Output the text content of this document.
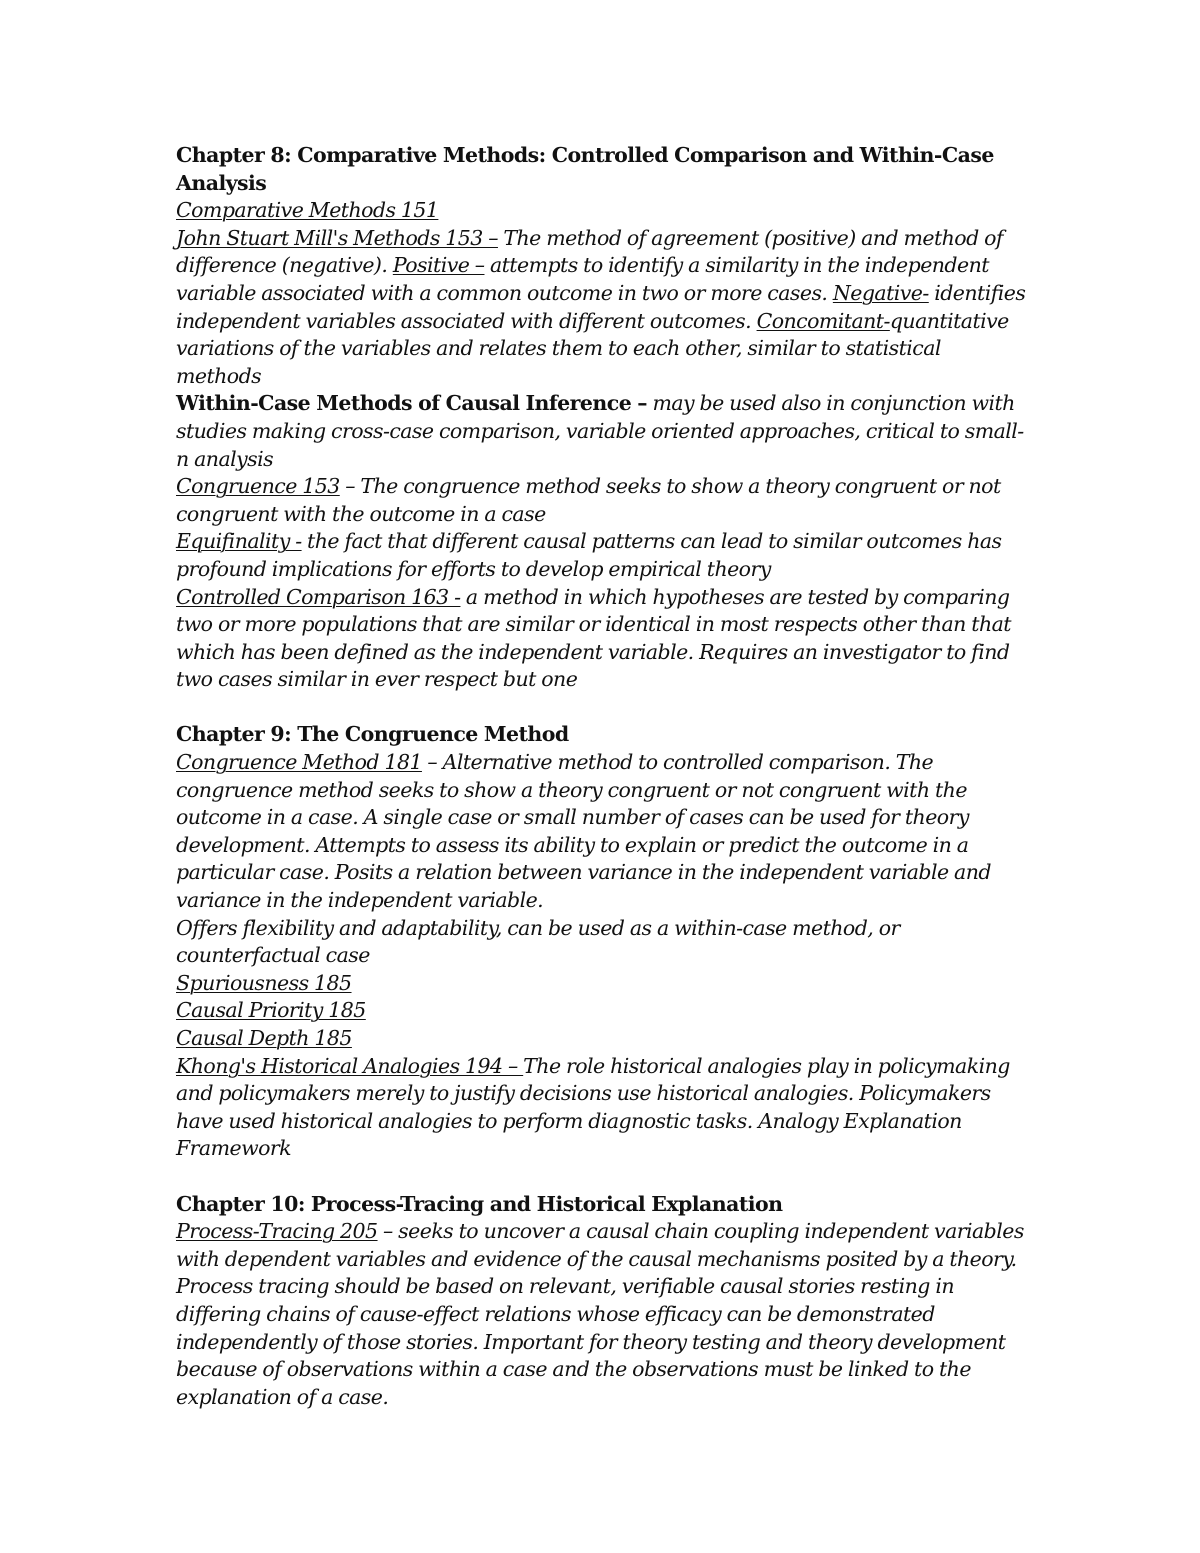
Chapter 8: Comparative Methods: Controlled Comparison and Within-Case Analysis
Comparative Methods 151
John Stuart Mill's Methods 153 – The method of agreement (positive) and method of difference (negative). Positive – attempts to identify a similarity in the independent variable associated with a common outcome in two or more cases. Negative- identifies independent variables associated with different outcomes. Concomitant-quantitative variations of the variables and relates them to each other, similar to statistical methods
Within-Case Methods of Causal Inference – may be used also in conjunction with studies making cross-case comparison, variable oriented approaches, critical to small-n analysis
Congruence 153 – The congruence method seeks to show a theory congruent or not congruent with the outcome in a case
Equifinality - the fact that different causal patterns can lead to similar outcomes has profound implications for efforts to develop empirical theory
Controlled Comparison 163 - a method in which hypotheses are tested by comparing two or more populations that are similar or identical in most respects other than that which has been defined as the independent variable. Requires an investigator to find two cases similar in ever respect but one
Chapter 9: The Congruence Method
Congruence Method 181 – Alternative method to controlled comparison. The congruence method seeks to show a theory congruent or not congruent with the outcome in a case. A single case or small number of cases can be used for theory development. Attempts to assess its ability to explain or predict the outcome in a particular case. Posits a relation between variance in the independent variable and variance in the independent variable.
Offers flexibility and adaptability, can be used as a within-case method, or counterfactual case
Spuriousness 185
Causal Priority 185
Causal Depth 185
Khong's Historical Analogies 194 – The role historical analogies play in policymaking and policymakers merely to justify decisions use historical analogies. Policymakers have used historical analogies to perform diagnostic tasks. Analogy Explanation Framework
Chapter 10: Process-Tracing and Historical Explanation
Process-Tracing 205 – seeks to uncover a causal chain coupling independent variables with dependent variables and evidence of the causal mechanisms posited by a theory. Process tracing should be based on relevant, verifiable causal stories resting in differing chains of cause-effect relations whose efficacy can be demonstrated independently of those stories. Important for theory testing and theory development because of observations within a case and the observations must be linked to the explanation of a case.
